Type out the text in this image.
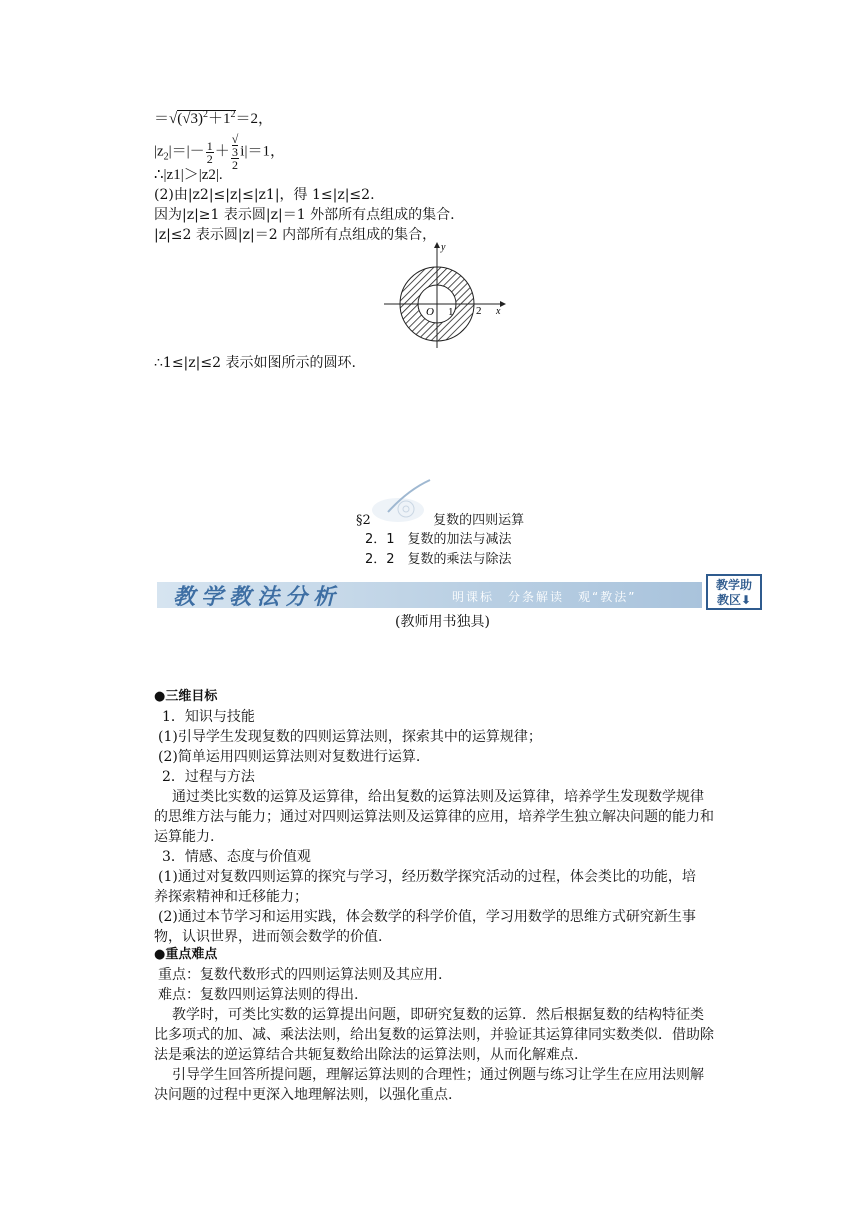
$=√(√3)^2+1^2=2$，
$|z_2|=|- \frac{1}{2}$ ＋ √
3
2 i|＝1，
∴|z1|＞|z2|.
(2)由|z2|≤|z|≤|z1|，得 1≤|z|≤2.
因为|z|≥1 表示圆|z|＝1 外部所有点组成的集合.
|z|≤2 表示圆|z|＝2 内部所有点组成的集合，
y
x
O 1 2
∴1≤|z|≤2 表示如图所示的圆环.
§2	复数的四则运算
2．1　复数的加法与减法
2．2　复数的乘法与除法
教学教法分析	明课标　分条解读　观“教法”
教学助
教区⬇
(教师用书独具)
●三维目标
1．知识与技能
(1)引导学生发现复数的四则运算法则，探索其中的运算规律；
(2)简单运用四则运算法则对复数进行运算.
2．过程与方法
通过类比实数的运算及运算律，给出复数的运算法则及运算律，培养学生发现数学规律
的思维方法与能力；通过对四则运算法则及运算律的应用，培养学生独立解决问题的能力和
运算能力.
3．情感、态度与价值观
(1)通过对复数四则运算的探究与学习，经历数学探究活动的过程，体会类比的功能，培
养探索精神和迁移能力；
(2)通过本节学习和运用实践，体会数学的科学价值，学习用数学的思维方式研究新生事
物，认识世界，进而领会数学的价值.
●重点难点
重点：复数代数形式的四则运算法则及其应用.
难点：复数四则运算法则的得出.
教学时，可类比实数的运算提出问题，即研究复数的运算．然后根据复数的结构特征类
比多项式的加、减、乘法法则，给出复数的运算法则，并验证其运算律同实数类似．借助除
法是乘法的逆运算结合共轭复数给出除法的运算法则，从而化解难点.
引导学生回答所提问题，理解运算法则的合理性；通过例题与练习让学生在应用法则解
决问题的过程中更深入地理解法则，以强化重点.
